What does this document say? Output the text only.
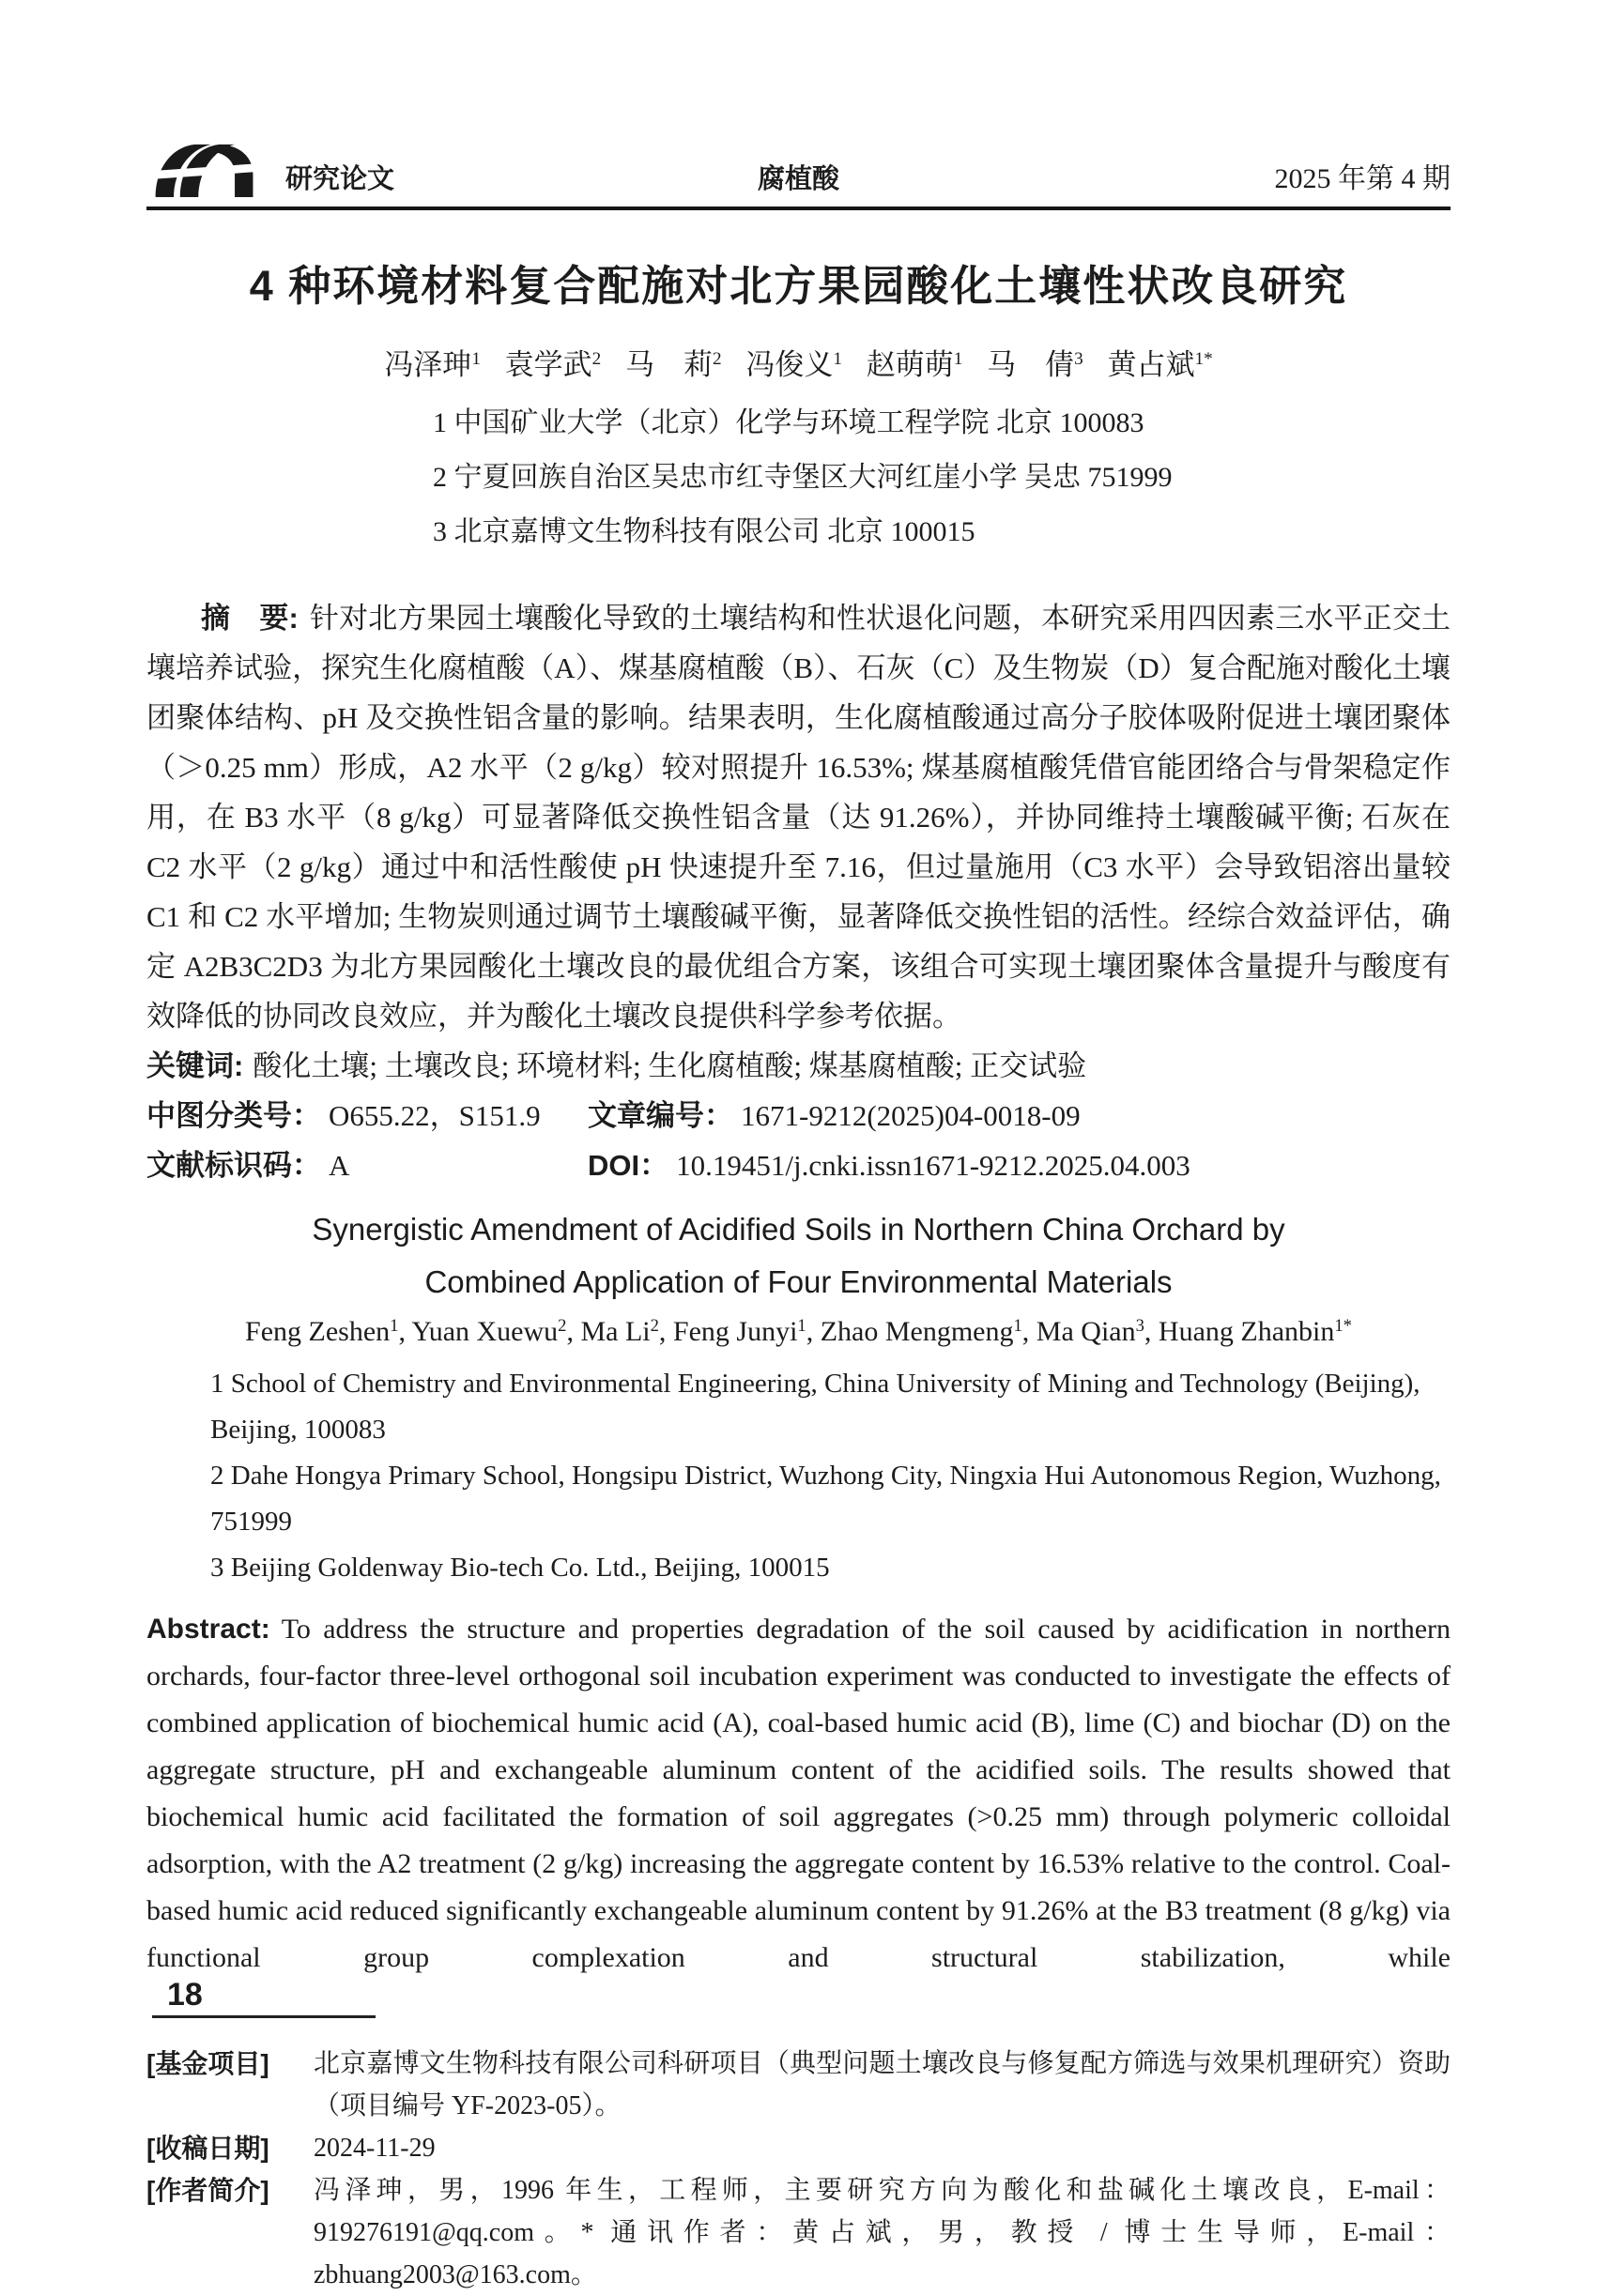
研究论文	腐植酸	2025 年第 4 期
4 种环境材料复合配施对北方果园酸化土壤性状改良研究
冯泽珅$^1$ 袁学武$^2$ 马　莉$^2$ 冯俊义$^1$ 赵萌萌$^1$ 马　倩$^3$ 黄占斌$^{1*}$
1 中国矿业大学（北京）化学与环境工程学院 北京 100083
2 宁夏回族自治区吴忠市红寺堡区大河红崖小学 吴忠 751999
3 北京嘉博文生物科技有限公司 北京 100015

摘　要: 针对北方果园土壤酸化导致的土壤结构和性状退化问题，本研究采用四因素三水平正交土壤培养试验，探究生化腐植酸（A）、煤基腐植酸（B）、石灰（C）及生物炭（D）复合配施对酸化土壤团聚体结构、pH 及交换性铝含量的影响。结果表明，生化腐植酸通过高分子胶体吸附促进土壤团聚体（＞0.25 mm）形成，A2 水平（2 g/kg）较对照提升 16.53%; 煤基腐植酸凭借官能团络合与骨架稳定作用，在 B3 水平（8 g/kg）可显著降低交换性铝含量（达 91.26%），并协同维持土壤酸碱平衡; 石灰在 C2 水平（2 g/kg）通过中和活性酸使 pH 快速提升至 7.16，但过量施用（C3 水平）会导致铝溶出量较 C1 和 C2 水平增加; 生物炭则通过调节土壤酸碱平衡，显著降低交换性铝的活性。经综合效益评估，确定 A2B3C2D3 为北方果园酸化土壤改良的最优组合方案，该组合可实现土壤团聚体含量提升与酸度有效降低的协同改良效应，并为酸化土壤改良提供科学参考依据。

关键词: 酸化土壤; 土壤改良; 环境材料; 生化腐植酸; 煤基腐植酸; 正交试验

中图分类号： O655.22，S151.9	文章编号： 1671-9212(2025)04-0018-09
文献标识码： A	DOI： 10.19451/j.cnki.issn1671-9212.2025.04.003
Synergistic Amendment of Acidified Soils in Northern China Orchard by
Combined Application of Four Environmental Materials
Feng Zeshen$^1$, Yuan Xuewu$^2$, Ma Li$^2$, Feng Junyi$^1$, Zhao Mengmeng$^1$, Ma Qian$^3$, Huang Zhanbin$^{1*}$
1 School of Chemistry and Environmental Engineering, China University of Mining and Technology (Beijing), Beijing, 100083
2 Dahe Hongya Primary School, Hongsipu District, Wuzhong City, Ningxia Hui Autonomous Region, Wuzhong, 751999
3 Beijing Goldenway Bio-tech Co. Ltd., Beijing, 100015

Abstract: To address the structure and properties degradation of the soil caused by acidification in northern orchards, four-factor three-level orthogonal soil incubation experiment was conducted to investigate the effects of combined application of biochemical humic acid (A), coal-based humic acid (B), lime (C) and biochar (D) on the aggregate structure, pH and exchangeable aluminum content of the acidified soils. The results showed that biochemical humic acid facilitated the formation of soil aggregates (>0.25 mm) through polymeric colloidal adsorption, with the A2 treatment (2 g/kg) increasing the aggregate content by 16.53% relative to the control. Coal-based humic acid reduced significantly exchangeable aluminum content by 91.26% at the B3 treatment (8 g/kg) via functional group complexation and structural stabilization, while

[基金项目]	北京嘉博文生物科技有限公司科研项目（典型问题土壤改良与修复配方筛选与效果机理研究）资助（项目编号 YF-2023-05）。
[收稿日期]	2024-11-29
[作者简介]	冯泽珅，男，1996 年生，工程师，主要研究方向为酸化和盐碱化土壤改良，E-mail：919276191@qq.com。* 通讯作者：黄占斌，男，教授 / 博士生导师，E-mail：zbhuang2003@163.com。
18
